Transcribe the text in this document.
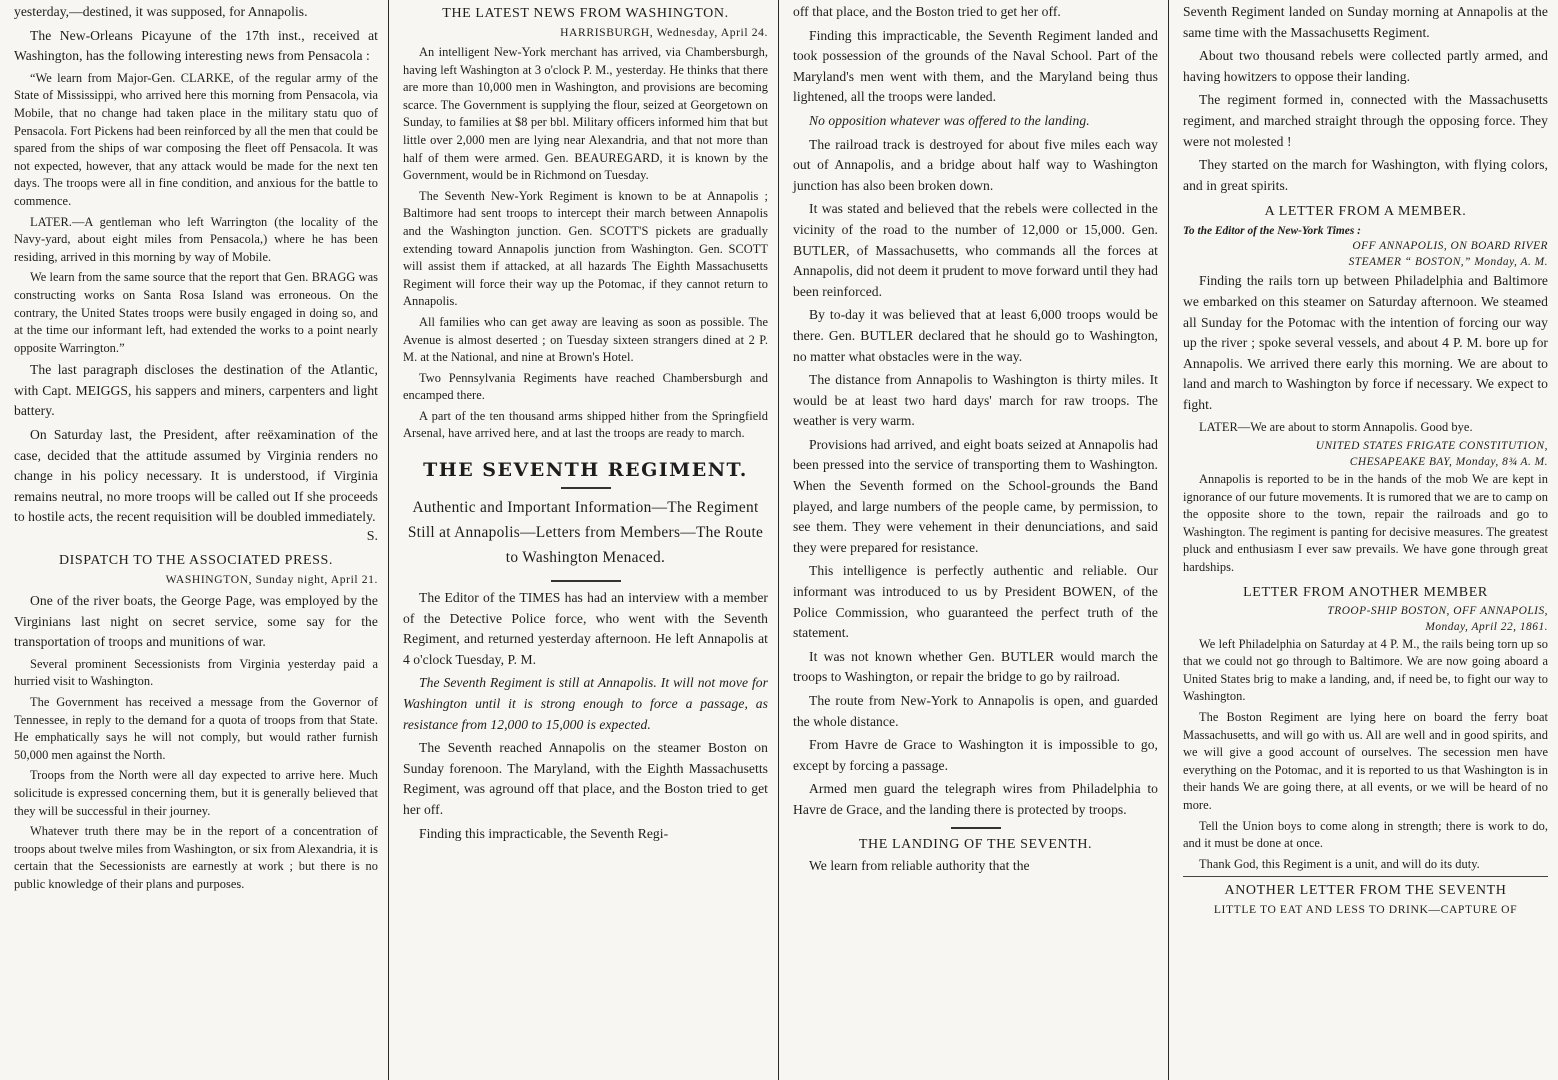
yesterday,—destined, it was supposed, for Annapolis.

The New-Orleans Picayune of the 17th inst., received at Washington, has the following interesting news from Pensacola :

“We learn from Major-Gen. CLARKE, of the regular army of the State of Mississippi, who arrived here this morning from Pensacola, via Mobile, that no change had taken place in the military statu quo of Pensacola. Fort Pickens had been reinforced by all the men that could be spared from the ships of war composing the fleet off Pensacola. It was not expected, however, that any attack would be made for the next ten days. The troops were all in fine condition, and anxious for the battle to commence.

LATER.—A gentleman who left Warrington (the locality of the Navy-yard, about eight miles from Pensacola,) where he has been residing, arrived in this morning by way of Mobile.

We learn from the same source that the report that Gen. BRAGG was constructing works on Santa Rosa Island was erroneous. On the contrary, the United States troops were busily engaged in doing so, and at the time our informant left, had extended the works to a point nearly opposite Warrington.”

The last paragraph discloses the destination of the Atlantic, with Capt. MEIGGS, his sappers and miners, carpenters and light battery.

On Saturday last, the President, after reëxamination of the case, decided that the attitude assumed by Virginia renders no change in his policy necessary. It is understood, if Virginia remains neutral, no more troops will be called out If she proceeds to hostile acts, the recent requisition will be doubled immediately.

S.
DISPATCH TO THE ASSOCIATED PRESS.
WASHINGTON, Sunday night, April 21.

One of the river boats, the George Page, was employed by the Virginians last night on secret service, some say for the transportation of troops and munitions of war.

Several prominent Secessionists from Virginia yesterday paid a hurried visit to Washington.

The Government has received a message from the Governor of Tennessee, in reply to the demand for a quota of troops from that State. He emphatically says he will not comply, but would rather furnish 50,000 men against the North.

Troops from the North were all day expected to arrive here. Much solicitude is expressed concerning them, but it is generally believed that they will be successful in their journey.

Whatever truth there may be in the report of a concentration of troops about twelve miles from Washington, or six from Alexandria, it is certain that the Secessionists are earnestly at work ; but there is no public knowledge of their plans and purposes.

THE LATEST NEWS FROM WASHINGTON.
HARRISBURGH, Wednesday, April 24.

An intelligent New-York merchant has arrived, via Chambersburgh, having left Washington at 3 o'clock P. M., yesterday. He thinks that there are more than 10,000 men in Washington, and provisions are becoming scarce. The Government is supplying the flour, seized at Georgetown on Sunday, to families at $8 per bbl. Military officers informed him that but little over 2,000 men are lying near Alexandria, and that not more than half of them were armed. Gen. BEAUREGARD, it is known by the Government, would be in Richmond on Tuesday.

The Seventh New-York Regiment is known to be at Annapolis ; Baltimore had sent troops to intercept their march between Annapolis and the Washington junction. Gen. SCOTT'S pickets are gradually extending toward Annapolis junction from Washington. Gen. SCOTT will assist them if attacked, at all hazards The Eighth Massachusetts Regiment will force their way up the Potomac, if they cannot return to Annapolis.

All families who can get away are leaving as soon as possible. The Avenue is almost deserted ; on Tuesday sixteen strangers dined at 2 P. M. at the National, and nine at Brown's Hotel.

Two Pennsylvania Regiments have reached Chambersburgh and encamped there.

A part of the ten thousand arms shipped hither from the Springfield Arsenal, have arrived here, and at last the troops are ready to march.

THE SEVENTH REGIMENT.
Authentic and Important Information—The Regiment Still at Annapolis—Letters from Members—The Route to Washington Menaced.

The Editor of the TIMES has had an interview with a member of the Detective Police force, who went with the Seventh Regiment, and returned yesterday afternoon. He left Annapolis at 4 o'clock Tuesday, P. M.

The Seventh Regiment is still at Annapolis. It will not move for Washington until it is strong enough to force a passage, as resistance from 12,000 to 15,000 is expected.

The Seventh reached Annapolis on the steamer Boston on Sunday forenoon. The Maryland, with the Eighth Massachusetts Regiment, was aground off that place, and the Boston tried to get her off.

Finding this impracticable, the Seventh Regi-

off that place, and the Boston tried to get her off.

Finding this impracticable, the Seventh Regiment landed and took possession of the grounds of the Naval School. Part of the Maryland's men went with them, and the Maryland being thus lightened, all the troops were landed.

No opposition whatever was offered to the landing.

The railroad track is destroyed for about five miles each way out of Annapolis, and a bridge about half way to Washington junction has also been broken down.

It was stated and believed that the rebels were collected in the vicinity of the road to the number of 12,000 or 15,000. Gen. BUTLER, of Massachusetts, who commands all the forces at Annapolis, did not deem it prudent to move forward until they had been reinforced.

By to-day it was believed that at least 6,000 troops would be there. Gen. BUTLER declared that he should go to Washington, no matter what obstacles were in the way.

The distance from Annapolis to Washington is thirty miles. It would be at least two hard days' march for raw troops. The weather is very warm.

Provisions had arrived, and eight boats seized at Annapolis had been pressed into the service of transporting them to Washington. When the Seventh formed on the School-grounds the Band played, and large numbers of the people came, by permission, to see them. They were vehement in their denunciations, and said they were prepared for resistance.

This intelligence is perfectly authentic and reliable. Our informant was introduced to us by President BOWEN, of the Police Commission, who guaranteed the perfect truth of the statement.

It was not known whether Gen. BUTLER would march the troops to Washington, or repair the bridge to go by railroad.

The route from New-York to Annapolis is open, and guarded the whole distance.

From Havre de Grace to Washington it is impossible to go, except by forcing a passage.

Armed men guard the telegraph wires from Philadelphia to Havre de Grace, and the landing there is protected by troops.

THE LANDING OF THE SEVENTH.

We learn from reliable authority that the

Seventh Regiment landed on Sunday morning at Annapolis at the same time with the Massachusetts Regiment.

About two thousand rebels were collected partly armed, and having howitzers to oppose their landing.

The regiment formed in, connected with the Massachusetts regiment, and marched straight through the opposing force. They were not molested !

They started on the march for Washington, with flying colors, and in great spirits.

A LETTER FROM A MEMBER.
To the Editor of the New-York Times :
OFF ANNAPOLIS, ON BOARD RIVER
STEAMER “ BOSTON,” Monday, A. M.

Finding the rails torn up between Philadelphia and Baltimore we embarked on this steamer on Saturday afternoon. We steamed all Sunday for the Potomac with the intention of forcing our way up the river ; spoke several vessels, and about 4 P. M. bore up for Annapolis. We arrived there early this morning. We are about to land and march to Washington by force if necessary. We expect to fight.

LATER—We are about to storm Annapolis. Good bye.

UNITED STATES FRIGATE CONSTITUTION,
CHESAPEAKE BAY, Monday, 8¾ A. M.

Annapolis is reported to be in the hands of the mob We are kept in ignorance of our future movements. It is rumored that we are to camp on the opposite shore to the town, repair the railroads and go to Washington. The regiment is panting for decisive measures. The greatest pluck and enthusiasm I ever saw prevails. We have gone through great hardships.

LETTER FROM ANOTHER MEMBER
TROOP-SHIP BOSTON, OFF ANNAPOLIS,
Monday, April 22, 1861.

We left Philadelphia on Saturday at 4 P. M., the rails being torn up so that we could not go through to Baltimore. We are now going aboard a United States brig to make a landing, and, if need be, to fight our way to Washington.

The Boston Regiment are lying here on board the ferry boat Massachusetts, and will go with us. All are well and in good spirits, and we will give a good account of ourselves. The secession men have everything on the Potomac, and it is reported to us that Washington is in their hands We are going there, at all events, or we will be heard of no more.

Tell the Union boys to come along in strength; there is work to do, and it must be done at once.

Thank God, this Regiment is a unit, and will do its duty.

ANOTHER LETTER FROM THE SEVENTH
LITTLE TO EAT AND LESS TO DRINK—CAPTURE OF
